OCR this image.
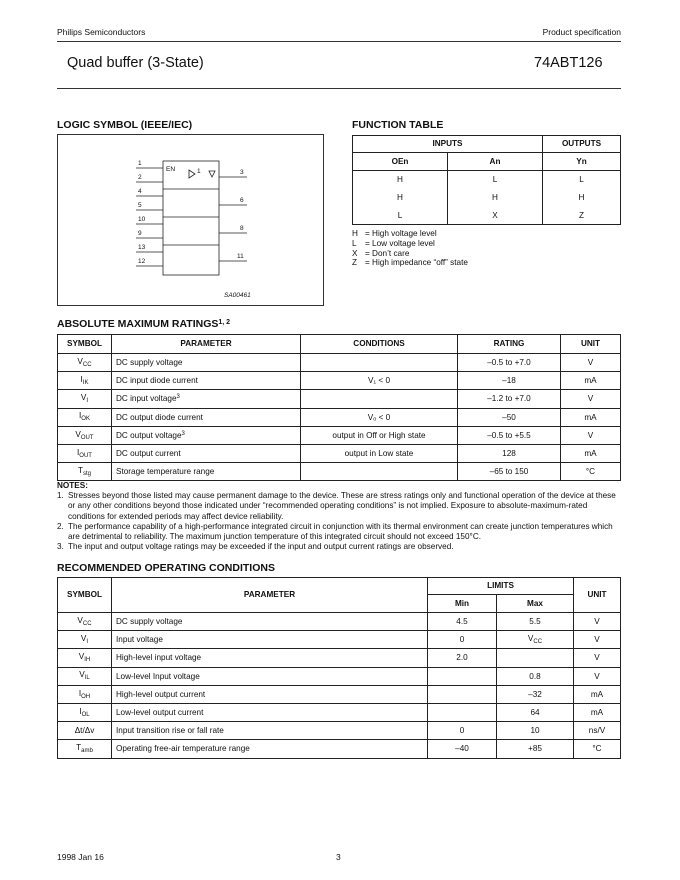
Philips Semiconductors	Product specification
Quad buffer (3-State)	74ABT126
LOGIC SYMBOL (IEEE/IEC)
EN	1
1
2
4
5
10
9
13
12
3
6
8
11
SA00461
FUNCTION TABLE
INPUTS		OUTPUTS
OEn	An	Yn
H	L	L
H	H	H
L	X	Z
H = High voltage level
L	= Low voltage level
X = Don’t care
Z = High impedance “off” state
ABSOLUTE MAXIMUM RATINGS$^{1, 2}$
SYMBOL	PARAMETER	CONDITIONS	RATING	UNIT
$V_{CC}$	DC supply voltage		–0.5 to +7.0	V
$I_{IK}$	DC input diode current	V₁ < 0	–18	mA
$V_I$	DC input voltage$^3$		–1.2 to +7.0	V
$I_{OK}$	DC output diode current	Vₒ < 0	–50	mA
$V_{OUT}$	DC output voltage$^3$	output in Off or High state	–0.5 to +5.5	V
$I_{OUT}$	DC output current	output in Low state	128	mA
$T_{stg}$	Storage temperature range		–65 to 150	°C
NOTES:
1. Stresses beyond those listed may cause permanent damage to the device. These are stress ratings only and functional operation of the device at these or any other conditions beyond those indicated under “recommended operating conditions” is not implied. Exposure to absolute-maximum-rated conditions for extended periods may affect device reliability.
2. The performance capability of a high-performance integrated circuit in conjunction with its thermal environment can create junction temperatures which are detrimental to reliability. The maximum junction temperature of this integrated circuit should not exceed 150°C.
3. The input and output voltage ratings may be exceeded if the input and output current ratings are observed.
RECOMMENDED OPERATING CONDITIONS
SYMBOL	PARAMETER	LIMITS		UNIT
		Min	Max	
$V_{CC}$	DC supply voltage	4.5	5.5	V
$V_I$	Input voltage	0	$V_{CC}$	V
$V_{IH}$	High-level input voltage	2.0		V
$V_{IL}$	Low-level Input voltage		0.8	V
$I_{OH}$	High-level output current		–32	mA
$I_{OL}$	Low-level output current		64	mA
Δt/Δv	Input transition rise or fall rate	0	10	ns/V
$T_{amb}$	Operating free-air temperature range	–40	+85	°C
1998 Jan 16	3
